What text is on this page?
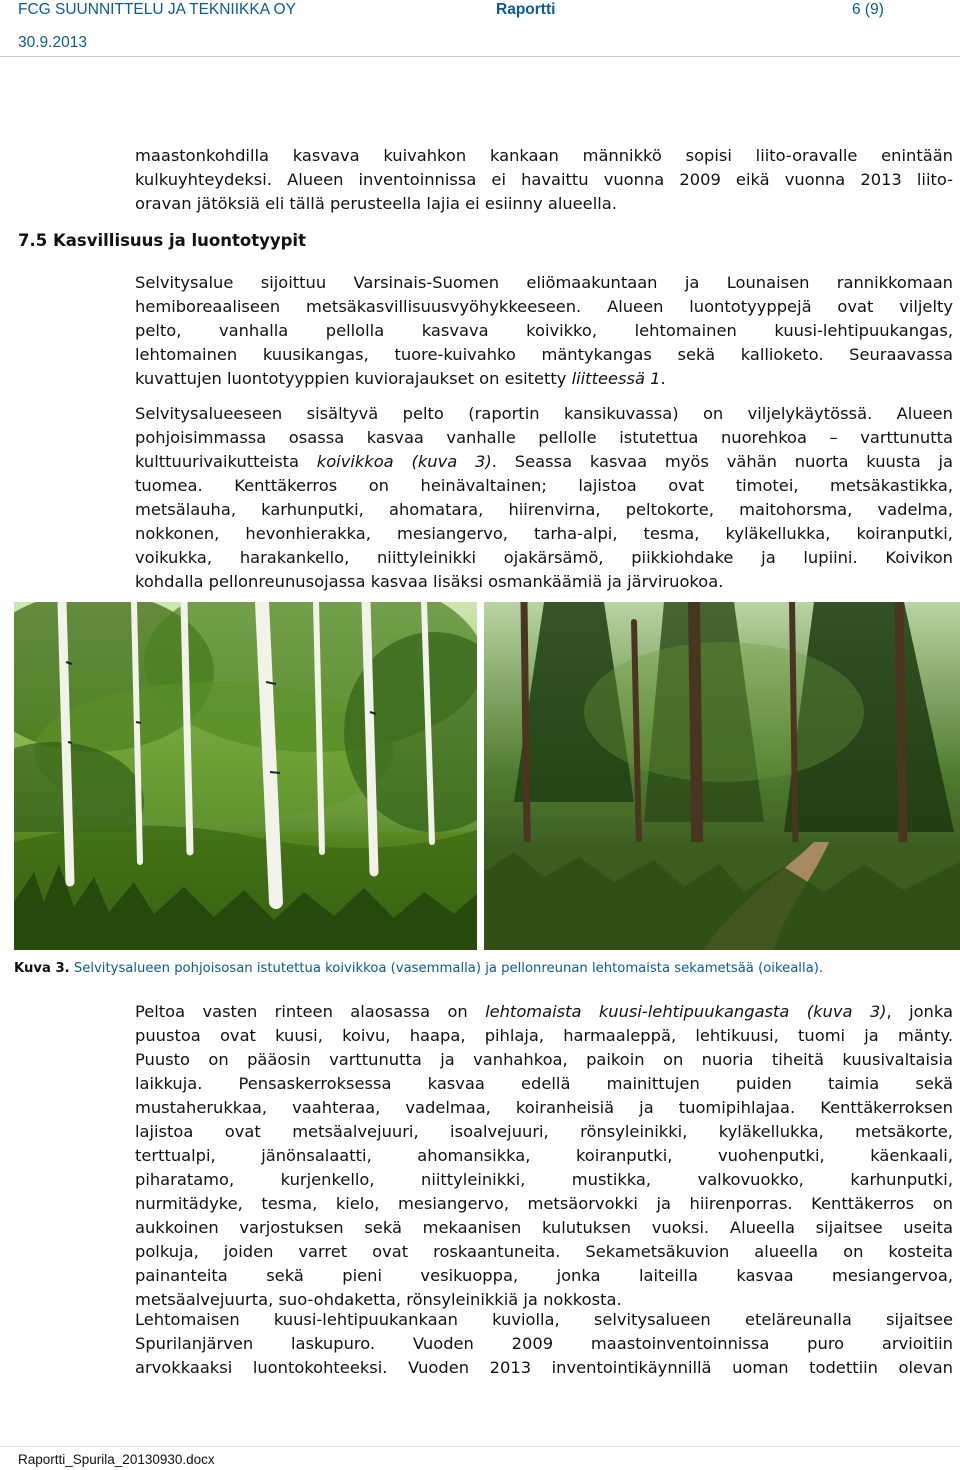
FCG SUUNNITTELU JA TEKNIIKKA OY	Raportti	6 (9)
30.9.2013
maastonkohdilla kasvava kuivahkon kankaan männikkö sopisi liito-oravalle enintään
kulkuyhteydeksi. Alueen inventoinnissa ei havaittu vuonna 2009 eikä vuonna 2013 liito-
oravan jätöksiä eli tällä perusteella lajia ei esiinny alueella.
7.5 Kasvillisuus ja luontotyypit
Selvitysalue sijoittuu Varsinais-Suomen eliömaakuntaan ja Lounaisen rannikkomaan
hemiboreaaliseen metsäkasvillisuusvyöhykkeeseen. Alueen luontotyyppejä ovat viljelty
pelto, vanhalla pellolla kasvava koivikko, lehtomainen kuusi-lehtipuukangas,
lehtomainen kuusikangas, tuore-kuivahko mäntykangas sekä kallioketo. Seuraavassa
kuvattujen luontotyyppien kuviorajaukset on esitetty liitteessä 1.
Selvitysalueeseen sisältyvä pelto (raportin kansikuvassa) on viljelykäytössä. Alueen
pohjoisimmassa osassa kasvaa vanhalle pellolle istutettua nuorehkoa – varttunutta
kulttuurivaikutteista koivikkoa (kuva 3). Seassa kasvaa myös vähän nuorta kuusta ja
tuomea. Kenttäkerros on heinävaltainen; lajistoa ovat timotei, metsäkastikka,
metsälauha, karhunputki, ahomatara, hiirenvirna, peltokorte, maitohorsma, vadelma,
nokkonen, hevonhierakka, mesiangervo, tarha-alpi, tesma, kyläkellukka, koiranputki,
voikukka, harakankello, niittyleinikki ojakärsämö, piikkiohdake ja lupiini. Koivikon
kohdalla pellonreunusojassa kasvaa lisäksi osmankäämiä ja järviruokoa.
Kuva 3. Selvitysalueen pohjoisosan istutettua koivikkoa (vasemmalla) ja pellonreunan lehtomaista sekametsää (oikealla).
Peltoa vasten rinteen alaosassa on lehtomaista kuusi-lehtipuukangasta (kuva 3), jonka
puustoa ovat kuusi, koivu, haapa, pihlaja, harmaaleppä, lehtikuusi, tuomi ja mänty.
Puusto on pääosin varttunutta ja vanhahkoa, paikoin on nuoria tiheitä kuusivaltaisia
laikkuja. Pensaskerroksessa kasvaa edellä mainittujen puiden taimia sekä
mustaherukkaa, vaahteraa, vadelmaa, koiranheisiä ja tuomipihlajaa. Kenttäkerroksen
lajistoa ovat metsäalvejuuri, isoalvejuuri, rönsyleinikki, kyläkellukka, metsäkorte,
terttualpi, jänönsalaatti, ahomansikka, koiranputki, vuohenputki, käenkaali,
piharatamo, kurjenkello, niittyleinikki, mustikka, valkovuokko, karhunputki,
nurmitädyke, tesma, kielo, mesiangervo, metsäorvokki ja hiirenporras. Kenttäkerros on
aukkoinen varjostuksen sekä mekaanisen kulutuksen vuoksi. Alueella sijaitsee useita
polkuja, joiden varret ovat roskaantuneita. Sekametsäkuvion alueella on kosteita
painanteita sekä pieni vesikuoppa, jonka laiteilla kasvaa mesiangervoa,
metsäalvejuurta, suo-ohdaketta, rönsyleinikkiä ja nokkosta.
Lehtomaisen kuusi-lehtipuukankaan kuviolla, selvitysalueen eteläreunalla sijaitsee
Spurilanjärven laskupuro. Vuoden 2009 maastoinventoinnissa puro arvioitiin
arvokkaaksi luontokohteeksi. Vuoden 2013 inventointikäynnillä uoman todettiin olevan
Raportti_Spurila_20130930.docx
